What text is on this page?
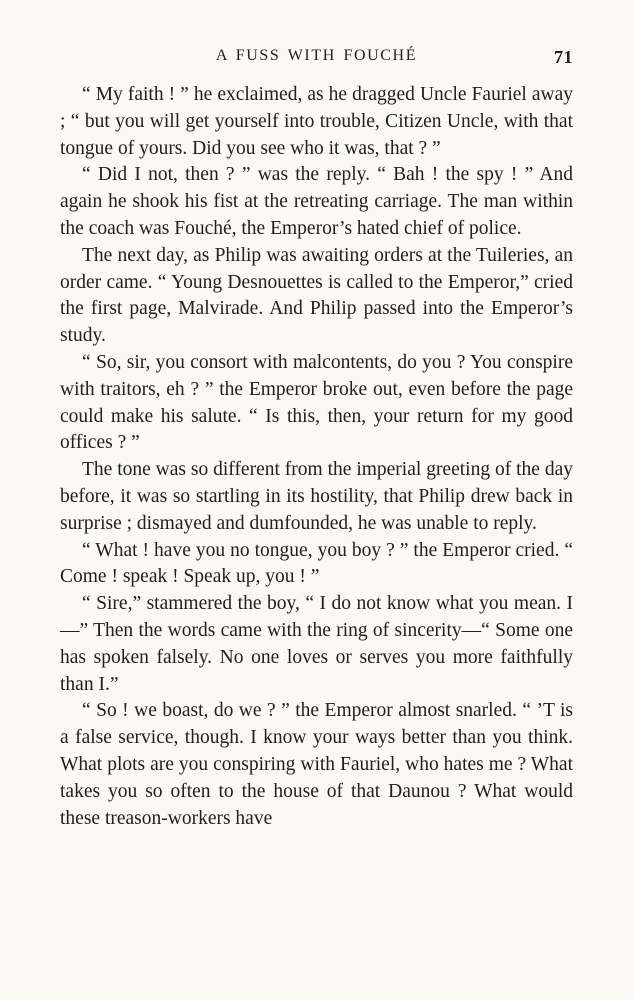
A FUSS WITH FOUCHÉ	71

“ My faith ! ” he exclaimed, as he dragged Uncle Fauriel away ; “ but you will get yourself into trouble, Citizen Uncle, with that tongue of yours. Did you see who it was, that ? ”

“ Did I not, then ? ” was the reply. “ Bah ! the spy ! ” And again he shook his fist at the retreating carriage. The man within the coach was Fouché, the Emperor’s hated chief of police.

The next day, as Philip was awaiting orders at the Tuileries, an order came. “ Young Desnouettes is called to the Emperor,” cried the first page, Malvirade. And Philip passed into the Emperor’s study.

“ So, sir, you consort with malcontents, do you ? You conspire with traitors, eh ? ” the Emperor broke out, even before the page could make his salute. “ Is this, then, your return for my good offices ? ”

The tone was so different from the imperial greeting of the day before, it was so startling in its hostility, that Philip drew back in surprise ; dismayed and dumfounded, he was unable to reply.

“ What ! have you no tongue, you boy ? ” the Emperor cried. “ Come ! speak ! Speak up, you ! ”

“ Sire,” stammered the boy, “ I do not know what you mean. I—” Then the words came with the ring of sincerity—“ Some one has spoken falsely. No one loves or serves you more faithfully than I.”

“ So ! we boast, do we ? ” the Emperor almost snarled. “ ’T is a false service, though. I know your ways better than you think. What plots are you conspiring with Fauriel, who hates me ? What takes you so often to the house of that Daunou ? What would these treason-workers have
